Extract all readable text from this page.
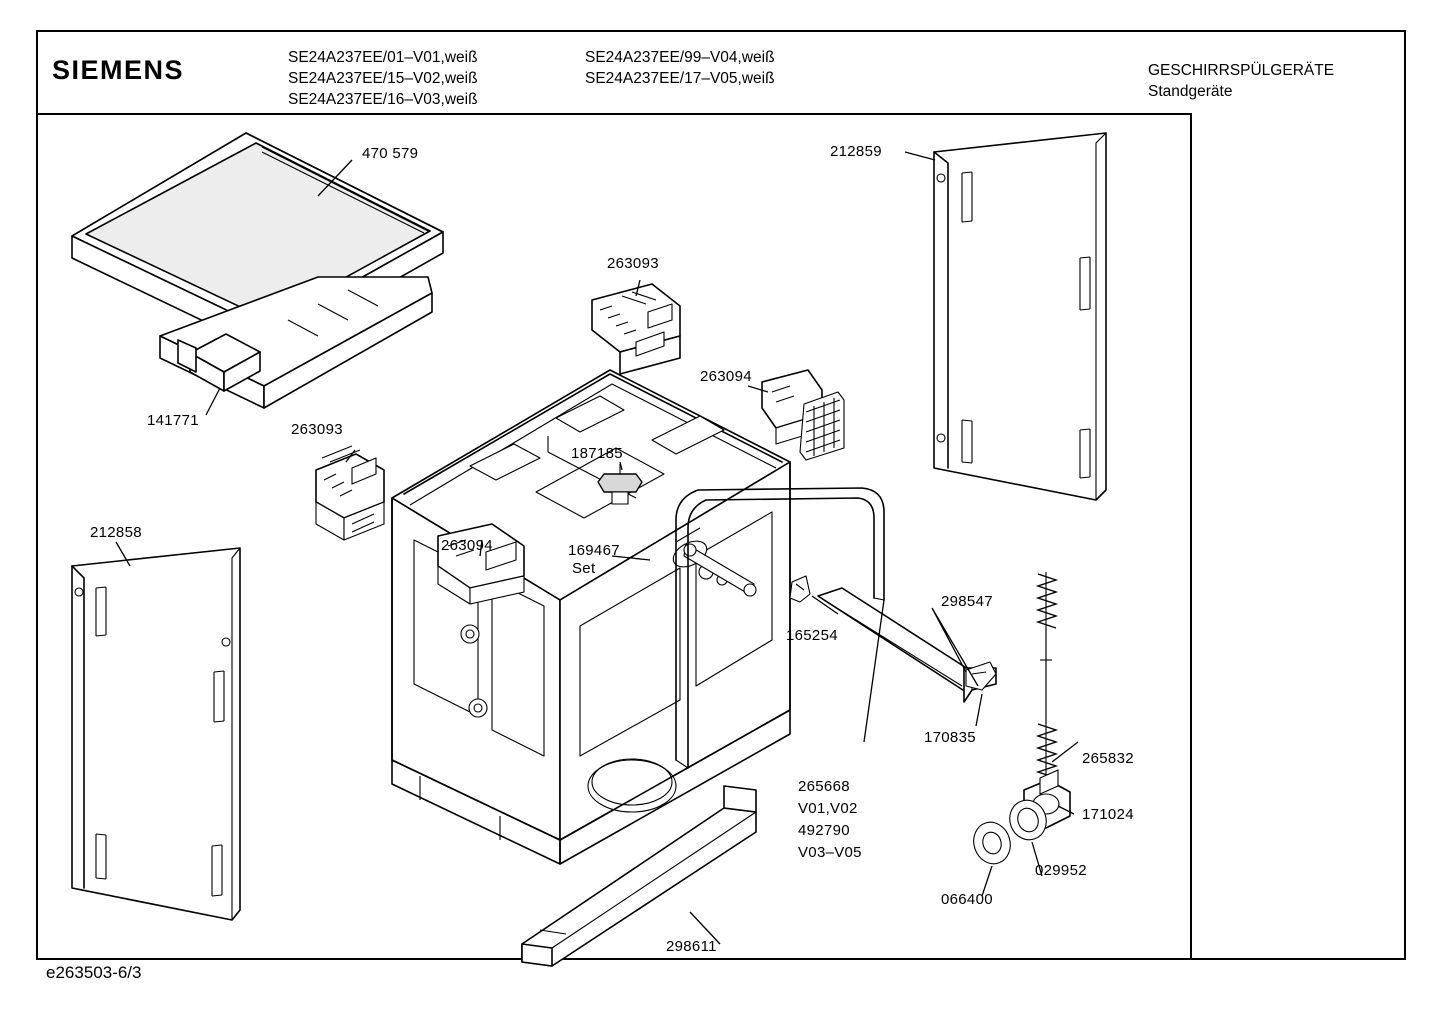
SIEMENS	SE24A237EE/01–V01,weiß
SE24A237EE/15–V02,weiß
SE24A237EE/16–V03,weiß
SE24A237EE/99–V04,weiß
SE24A237EE/17–V05,weiß	GESCHIRRSPÜLGERÄTE
Standgeräte
e263503-6/3
470 579	212859
263093
263094
141771
263093
187185
263094	169467
Set
212858
165254
298547
170835
265832
171024
029952
066400
298611
265668
V01,V02
492790
V03–V05
